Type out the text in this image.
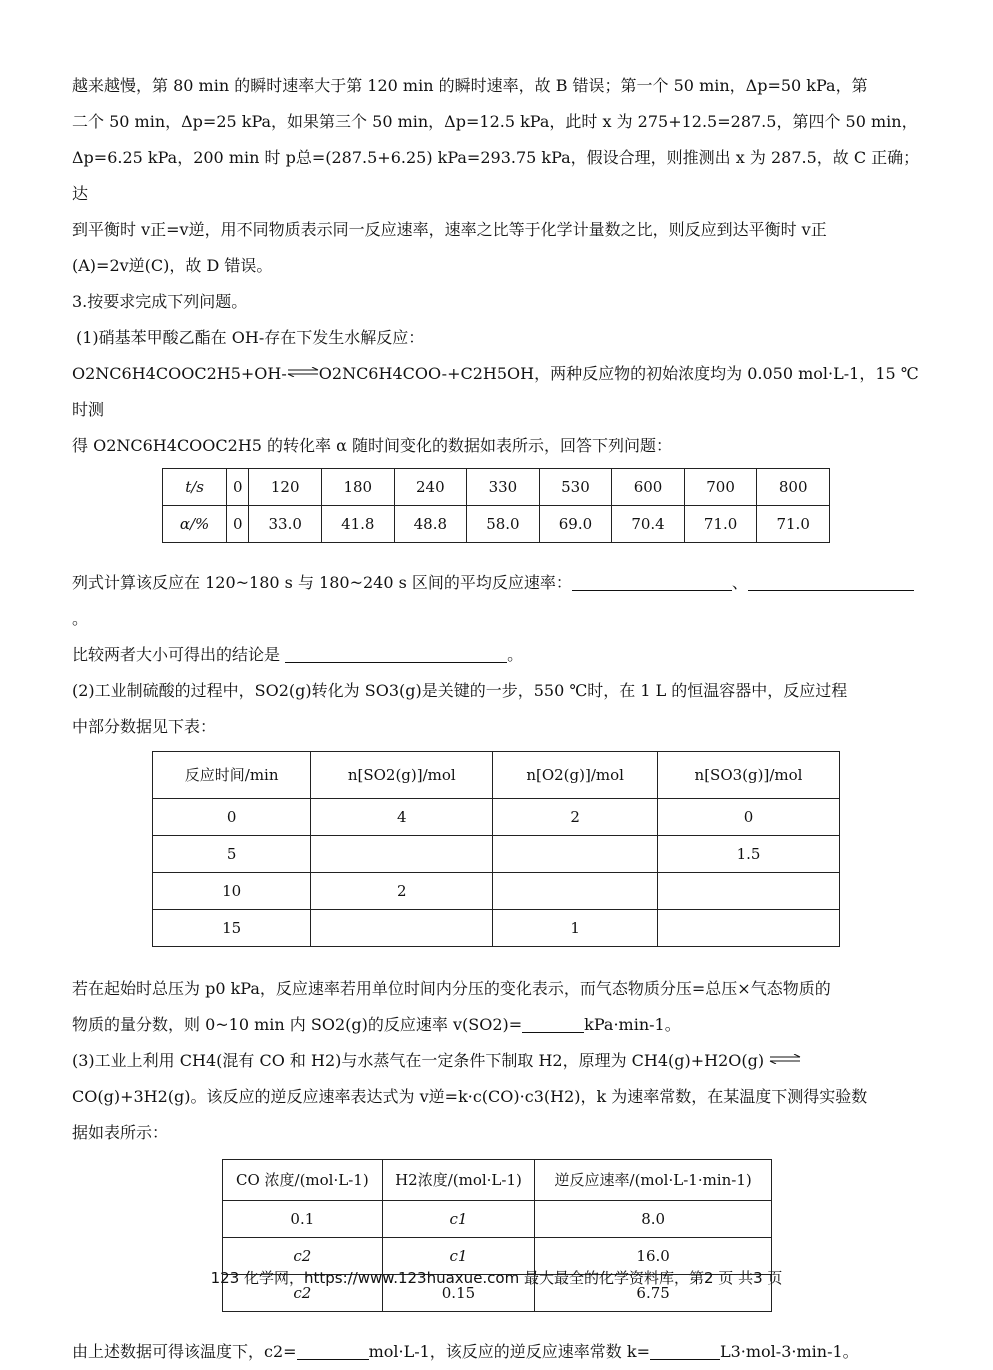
越来越慢，第 80 min 的瞬时速率大于第 120 min 的瞬时速率，故 B 错误；第一个 50 min，Δp=50 kPa，第

二个 50 min，Δp=25 kPa，如果第三个 50 min，Δp=12.5 kPa，此时 x 为 275+12.5=287.5，第四个 50 min，

Δp=6.25 kPa，200 min 时 p总=(287.5+6.25) kPa=293.75 kPa，假设合理，则推测出 x 为 287.5，故 C 正确；达

到平衡时 v正=v逆，用不同物质表示同一反应速率，速率之比等于化学计量数之比，则反应到达平衡时 v正

(A)=2v逆(C)，故 D 错误。

3.按要求完成下列问题。

(1)硝基苯甲酸乙酯在 OH-存在下发生水解反应：

O2NC6H4COOC2H5+OH-⇌O2NC6H4COO-+C2H5OH，两种反应物的初始浓度均为 0.050 mol·L-1，15 ℃时测

得 O2NC6H4COOC2H5 的转化率 α 随时间变化的数据如表所示，回答下列问题：

t/s	0	120	180	240	330	530	600	700	800
α/%	0	33.0	41.8	48.8	58.0	69.0	70.4	71.0	71.0

列式计算该反应在 120~180 s 与 180~240 s 区间的平均反应速率：	、。

比较两者大小可得出的结论是	。

(2)工业制硫酸的过程中，SO2(g)转化为 SO3(g)是关键的一步，550 ℃时，在 1 L 的恒温容器中，反应过程

中部分数据见下表：

反应时间/min	n[SO2(g)]/mol	n[O2(g)]/mol	n[SO3(g)]/mol
0	4	2	0
5			1.5
10	2		
15		1	

若在起始时总压为 p0 kPa，反应速率若用单位时间内分压的变化表示，而气态物质分压=总压×气态物质的

物质的量分数，则 0~10 min 内 SO2(g)的反应速率 v(SO2)=	kPa·min-1。

(3)工业上利用 CH4(混有 CO 和 H2)与水蒸气在一定条件下制取 H2，原理为 CH4(g)+H2O(g) ⇌

CO(g)+3H2(g)。该反应的逆反应速率表达式为 v逆=k·c(CO)·c3(H2)，k 为速率常数，在某温度下测得实验数

据如表所示：

CO 浓度/(mol·L-1)	H2浓度/(mol·L-1)	逆反应速率/(mol·L-1·min-1)
0.1	c1	8.0
c2	c1	16.0
c2	0.15	6.75

由上述数据可得该温度下，c2=	mol·L-1，该反应的逆反应速率常数 k=	L3·mol-3·min-1。

123 化学网，https://www.123huaxue.com 最大最全的化学资料库，第2 页 共3 页
